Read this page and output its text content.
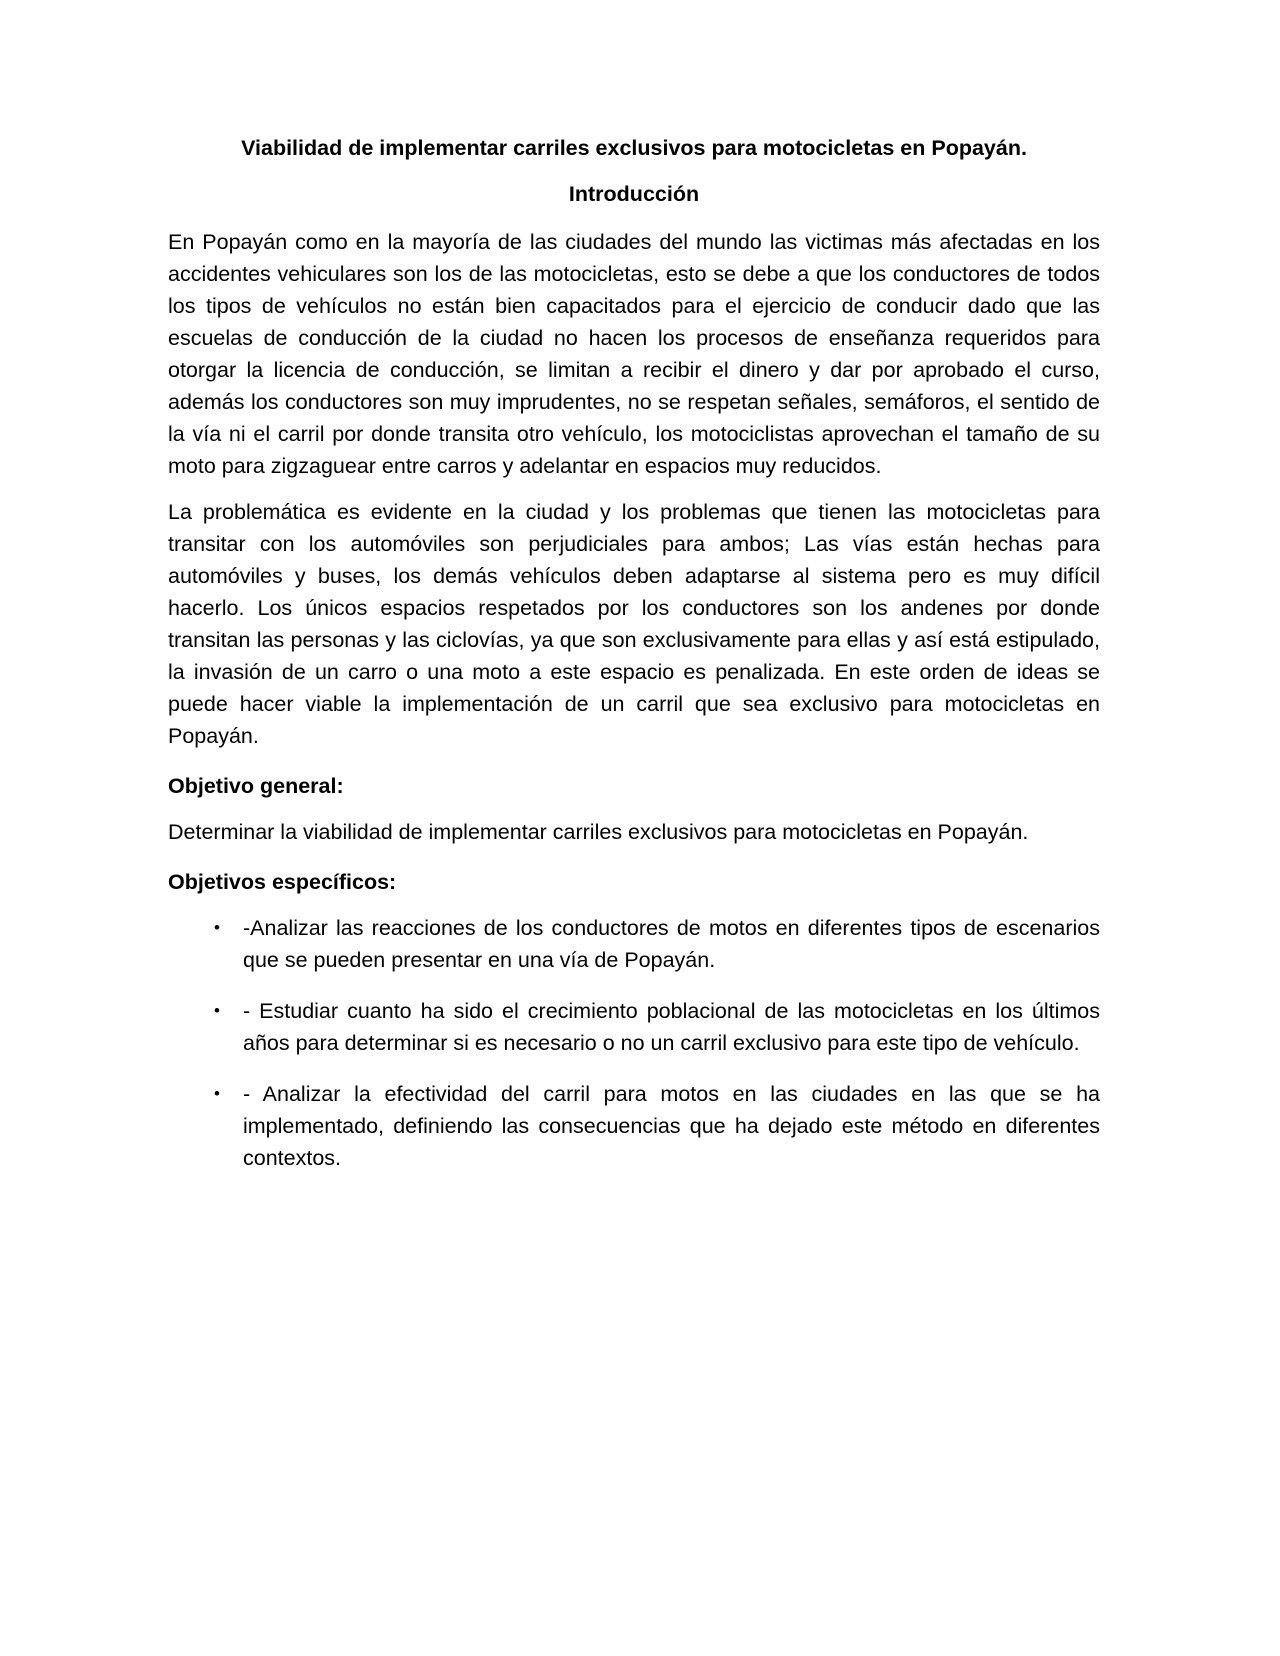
Viabilidad de implementar carriles exclusivos para motocicletas en Popayán.
Introducción

En Popayán como en la mayoría de las ciudades del mundo las victimas más afectadas en los accidentes vehiculares son los de las motocicletas, esto se debe a que los conductores de todos los tipos de vehículos no están bien capacitados para el ejercicio de conducir dado que las escuelas de conducción de la ciudad no hacen los procesos de enseñanza requeridos para otorgar la licencia de conducción, se limitan a recibir el dinero y dar por aprobado el curso, además los conductores son muy imprudentes, no se respetan señales, semáforos, el sentido de la vía ni el carril por donde transita otro vehículo, los motociclistas aprovechan el tamaño de su moto para zigzaguear entre carros y adelantar en espacios muy reducidos.

La problemática es evidente en la ciudad y los problemas que tienen las motocicletas para transitar con los automóviles son perjudiciales para ambos; Las vías están hechas para automóviles y buses, los demás vehículos deben adaptarse al sistema pero es muy difícil hacerlo. Los únicos espacios respetados por los conductores son los andenes por donde transitan las personas y las ciclovías, ya que son exclusivamente para ellas y así está estipulado, la invasión de un carro o una moto a este espacio es penalizada. En este orden de ideas se puede hacer viable la implementación de un carril que sea exclusivo para motocicletas en Popayán.

Objetivo general:

Determinar la viabilidad de implementar carriles exclusivos para motocicletas en Popayán.

Objetivos específicos:
•	-Analizar las reacciones de los conductores de motos en diferentes tipos de escenarios que se pueden presentar en una vía de Popayán.
•	- Estudiar cuanto ha sido el crecimiento poblacional de las motocicletas en los últimos años para determinar si es necesario o no un carril exclusivo para este tipo de vehículo.
•	- Analizar la efectividad del carril para motos en las ciudades en las que se ha implementado, definiendo las consecuencias que ha dejado este método en diferentes contextos.
